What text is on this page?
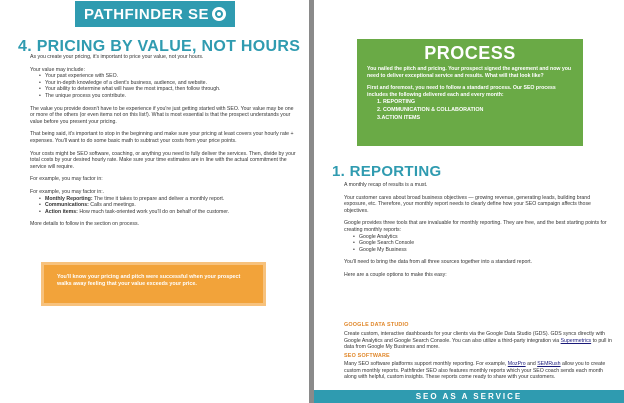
PATHFINDER SE
4. PRICING BY VALUE, NOT HOURS

As you create your pricing, it's important to price your value, not your hours.

Your value may include:

• Your past experience with SEO.
• Your in-depth knowledge of a client's business, audience, and website.
• Your ability to determine what will have the most impact, then follow through.
• The unique process you contribute.

The value you provide doesn't have to be experience if you're just getting started with SEO. Your value may be one or more of the others (or even items not on this list!). What is most essential is that the prospect understands your value before you present your pricing.

That being said, it's important to stop in the beginning and make sure your pricing at least covers your hourly rate + expenses. You'll want to do some basic math to subtract your costs from your price points.

Your costs might be SEO software, coaching, or anything you need to fully deliver the services. Then, divide by your total costs by your desired hourly rate. Make sure your time estimates are in line with the actual commitment the service will require.

For example, you may factor in:

For example, you may factor in:.

• Monthly Reporting: The time it takes to prepare and deliver a monthly report.
• Communications: Calls and meetings.
• Action items: How much task-oriented work you'll do on behalf of the customer.

More details to follow in the section on process.

You'll know your pricing and pitch were successful when your prospect walks away feeling that your value exceeds your price.
PROCESS

You nailed the pitch and pricing. Your prospect signed the agreement and now you need to deliver exceptional service and results. What will that look like?

First and foremost, you need to follow a standard process. Our SEO process includes the following delivered each and every month:

1. REPORTING
2. COMMUNICATION & COLLABORATION
3.ACTION ITEMS
1. REPORTING

A monthly recap of results is a must.

Your customer cares about broad business objectives — growing revenue, generating leads, building brand exposure, etc. Therefore, your monthly report needs to clearly define how your SEO campaign affects those objectives.

Google provides three tools that are invaluable for monthly reporting. They are free, and the best starting points for creating monthly reports:

• Google Analytics
• Google Search Console
• Google My Business

You'll need to bring the data from all three sources together into a standard report.

Here are a couple options to make this easy:

GOOGLE DATA STUDIO
Create custom, interactive dashboards for your clients via the Google Data Studio (GDS). GDS syncs directly with Google Analytics and Google Search Console. You can also utilize a third-party integration via Supermetrics to pull in data from Google My Business and more.
SEO SOFTWARE
Many SEO software platforms support monthly reporting. For example, MozPro and SEMRush allow you to create custom monthly reports. Pathfinder SEO also features monthly reports which your SEO coach sends each month along with helpful, custom insights. These reports come ready to share with your customers.
SEO AS A SERVICE
